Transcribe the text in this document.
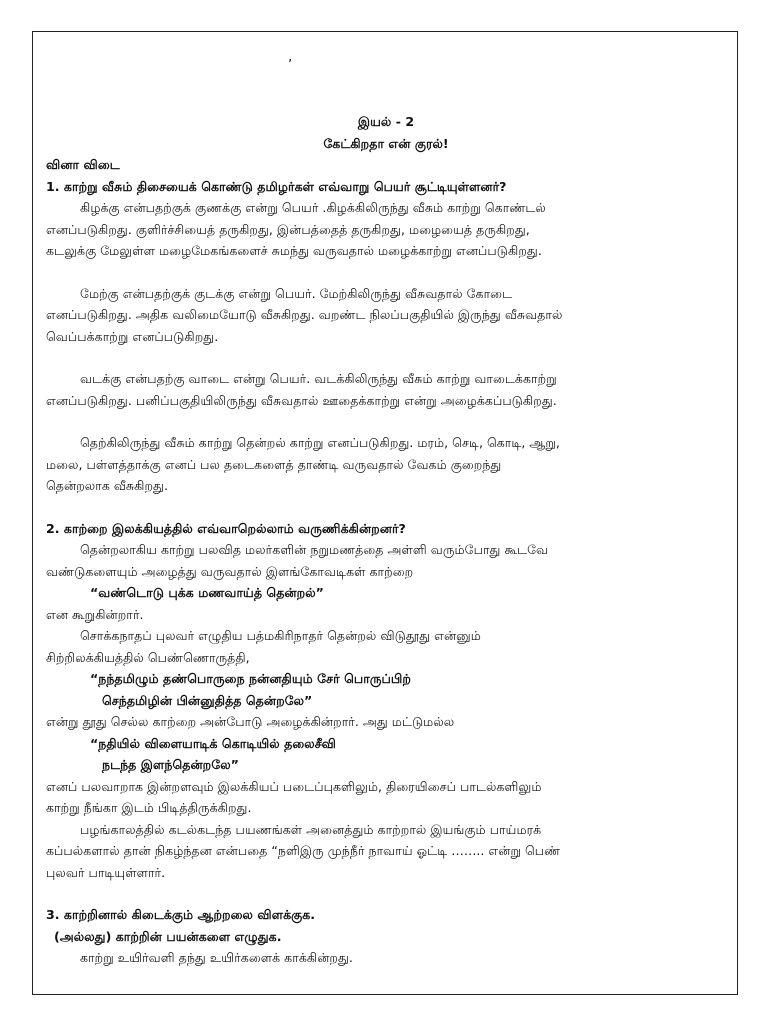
’

இயல் - 2

கேட்கிறதா என் குரல்!

வினா விடை

1. காற்று வீசும் திசையைக் கொண்டு தமிழர்கள் எவ்வாறு பெயர் சூட்டியுள்ளனர்?

கிழக்கு என்பதற்குக் குணக்கு என்று பெயர் .கிழக்கிலிருந்து வீசும் காற்று கொண்டல்

எனப்படுகிறது. குளிர்ச்சியைத் தருகிறது, இன்பத்தைத் தருகிறது, மழையைத் தருகிறது,

கடலுக்கு மேலுள்ள மழைமேகங்களைச் சுமந்து வருவதால் மழைக்காற்று எனப்படுகிறது.

மேற்கு என்பதற்குக் குடக்கு என்று பெயர். மேற்கிலிருந்து வீசுவதால் கோடை

எனப்படுகிறது. அதிக வலிமையோடு வீசுகிறது. வறண்ட நிலப்பகுதியில் இருந்து வீசுவதால்

வெப்பக்காற்று எனப்படுகிறது.

வடக்கு என்பதற்கு வாடை என்று பெயர். வடக்கிலிருந்து வீசும் காற்று வாடைக்காற்று

எனப்படுகிறது. பனிப்பகுதியிலிருந்து வீசுவதால் ஊதைக்காற்று என்று அழைக்கப்படுகிறது.

தெற்கிலிருந்து வீசும் காற்று தென்றல் காற்று எனப்படுகிறது. மரம், செடி, கொடி, ஆறு,

மலை, பள்ளத்தாக்கு எனப் பல தடைகளைத் தாண்டி வருவதால் வேகம் குறைந்து

தென்றலாக வீசுகிறது.

2. காற்றை இலக்கியத்தில் எவ்வாறெல்லாம் வருணிக்கின்றனர்?

தென்றலாகிய காற்று பலவித மலர்களின் நறுமணத்தை அள்ளி வரும்போது கூடவே

வண்டுகளையும் அழைத்து வருவதால் இளங்கோவடிகள் காற்றை

“வண்டொடு புக்க மணவாய்த் தென்றல்”

என கூறுகின்றார்.

சொக்கநாதப் புலவர் எழுதிய பத்மகிரிநாதர் தென்றல் விடுதூது என்னும்

சிற்றிலக்கியத்தில் பெண்ணொருத்தி,

“நந்தமிழும் தண்பொருநை நன்னதியும் சேர் பொருப்பிற்

செந்தமிழின் பின்னுதித்த தென்றலே”

என்று தூது செல்ல காற்றை அன்போடு அழைக்கின்றார். அது மட்டுமல்ல

“நதியில் விளையாடிக் கொடியில் தலைசீவி

நடந்த இளந்தென்றலே”

எனப் பலவாறாக இன்றளவும் இலக்கியப் படைப்புகளிலும், திரையிசைப் பாடல்களிலும்

காற்று நீங்கா இடம் பிடித்திருக்கிறது.

பழங்காலத்தில் கடல்கடந்த பயணங்கள் அனைத்தும் காற்றால் இயங்கும் பாய்மரக்

கப்பல்களால் தான் நிகழ்ந்தன என்பதை “நளிஇரு முந்நீர் நாவாய் ஓட்டி …….. என்று பெண்

புலவர் பாடியுள்ளார்.

3. காற்றினால் கிடைக்கும் ஆற்றலை விளக்குக.

(அல்லது) காற்றின் பயன்களை எழுதுக.

காற்று உயிர்வளி தந்து உயிர்களைக் காக்கின்றது.
